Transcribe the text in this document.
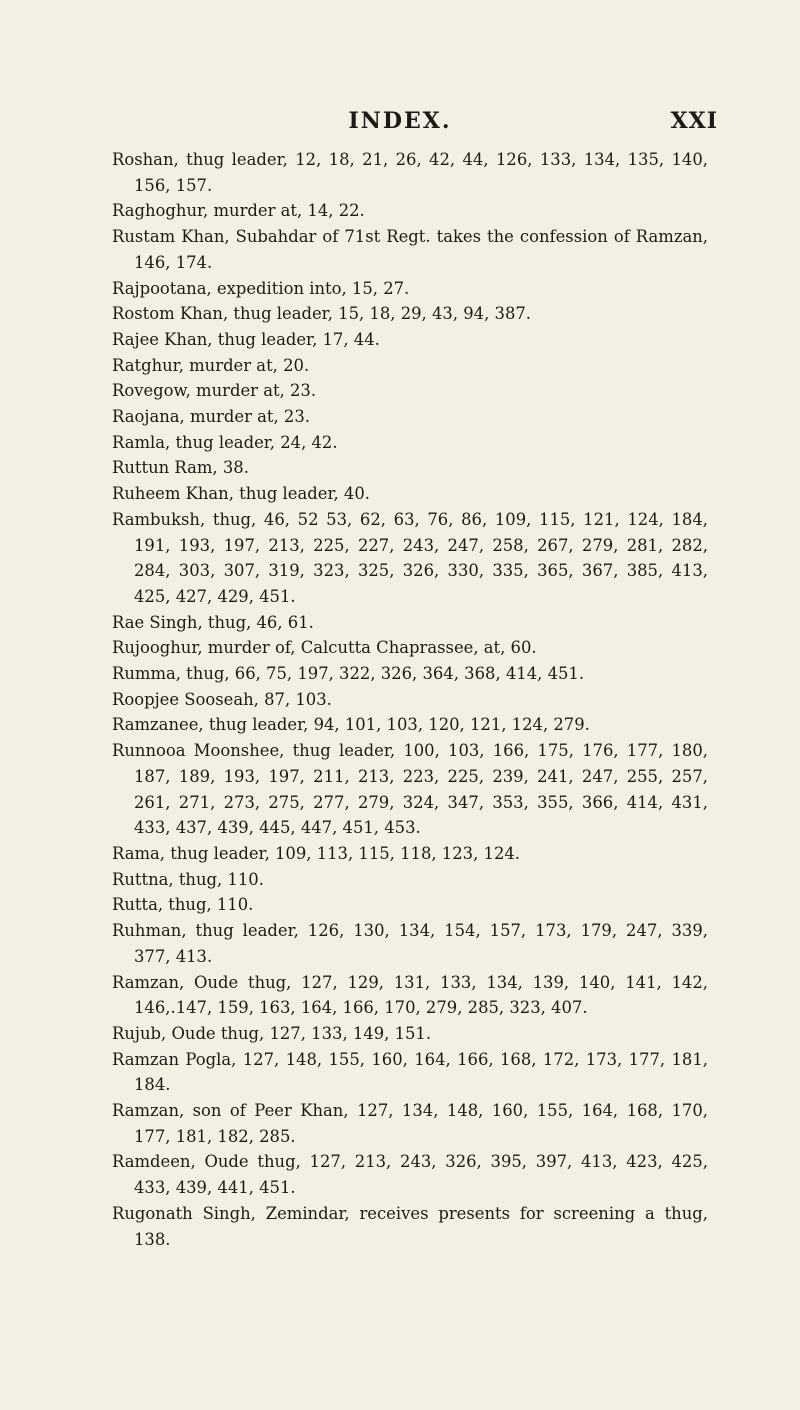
INDEX.	XXI

Roshan, thug leader, 12, 18, 21, 26, 42, 44, 126, 133, 134, 135, 140, 156, 157.

Raghoghur, murder at, 14, 22.

Rustam Khan, Subahdar of 71st Regt. takes the confession of Ramzan, 146, 174.

Rajpootana, expedition into, 15, 27.

Rostom Khan, thug leader, 15, 18, 29, 43, 94, 387.

Rajee Khan, thug leader, 17, 44.

Ratghur, murder at, 20.

Rovegow, murder at, 23.

Raojana, murder at, 23.

Ramla, thug leader, 24, 42.

Ruttun Ram, 38.

Ruheem Khan, thug leader, 40.

Rambuksh, thug, 46, 52 53, 62, 63, 76, 86, 109, 115, 121, 124, 184, 191, 193, 197, 213, 225, 227, 243, 247, 258, 267, 279, 281, 282, 284, 303, 307, 319, 323, 325, 326, 330, 335, 365, 367, 385, 413, 425, 427, 429, 451.

Rae Singh, thug, 46, 61.

Rujooghur, murder of, Calcutta Chaprassee, at, 60.

Rumma, thug, 66, 75, 197, 322, 326, 364, 368, 414, 451.

Roopjee Sooseah, 87, 103.

Ramzanee, thug leader, 94, 101, 103, 120, 121, 124, 279.

Runnooa Moonshee, thug leader, 100, 103, 166, 175, 176, 177, 180, 187, 189, 193, 197, 211, 213, 223, 225, 239, 241, 247, 255, 257, 261, 271, 273, 275, 277, 279, 324, 347, 353, 355, 366, 414, 431, 433, 437, 439, 445, 447, 451, 453.

Rama, thug leader, 109, 113, 115, 118, 123, 124.

Ruttna, thug, 110.

Rutta, thug, 110.

Ruhman, thug leader, 126, 130, 134, 154, 157, 173, 179, 247, 339, 377, 413.

Ramzan, Oude thug, 127, 129, 131, 133, 134, 139, 140, 141, 142, 146,.147, 159, 163, 164, 166, 170, 279, 285, 323, 407.

Rujub, Oude thug, 127, 133, 149, 151.

Ramzan Pogla, 127, 148, 155, 160, 164, 166, 168, 172, 173, 177, 181, 184.

Ramzan, son of Peer Khan, 127, 134, 148, 160, 155, 164, 168, 170, 177, 181, 182, 285.

Ramdeen, Oude thug, 127, 213, 243, 326, 395, 397, 413, 423, 425, 433, 439, 441, 451.

Rugonath Singh, Zemindar, receives presents for screening a thug, 138.
